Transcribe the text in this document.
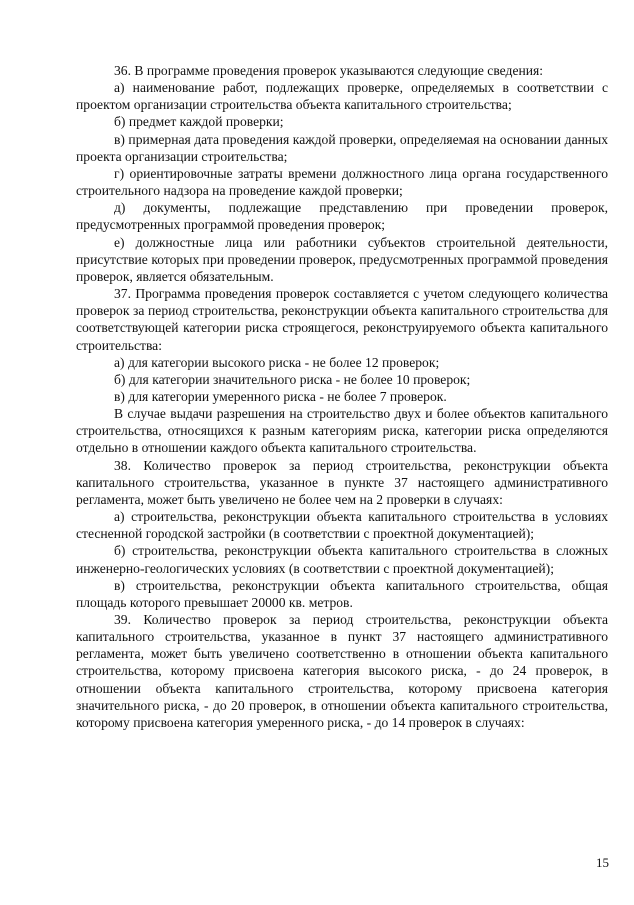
36. В программе проведения проверок указываются следующие сведения:

а) наименование работ, подлежащих проверке, определяемых в соответствии с проектом организации строительства объекта капитального строительства;

б) предмет каждой проверки;

в) примерная дата проведения каждой проверки, определяемая на основании данных проекта организации строительства;

г) ориентировочные затраты времени должностного лица органа государственного строительного надзора на проведение каждой проверки;

д) документы, подлежащие представлению при проведении проверок, предусмотренных программой проведения проверок;

е) должностные лица или работники субъектов строительной деятельности, присутствие которых при проведении проверок, предусмотренных программой проведения проверок, является обязательным.

37. Программа проведения проверок составляется с учетом следующего количества проверок за период строительства, реконструкции объекта капитального строительства для соответствующей категории риска строящегося, реконструируемого объекта капитального строительства:

а) для категории высокого риска - не более 12 проверок;

б) для категории значительного риска - не более 10 проверок;

в) для категории умеренного риска - не более 7 проверок.

В случае выдачи разрешения на строительство двух и более объектов капитального строительства, относящихся к разным категориям риска, категории риска определяются отдельно в отношении каждого объекта капитального строительства.

38. Количество проверок за период строительства, реконструкции объекта капитального строительства, указанное в пункте 37 настоящего административного регламента, может быть увеличено не более чем на 2 проверки в случаях:

а) строительства, реконструкции объекта капитального строительства в условиях стесненной городской застройки (в соответствии с проектной документацией);

б) строительства, реконструкции объекта капитального строительства в сложных инженерно-геологических условиях (в соответствии с проектной документацией);

в) строительства, реконструкции объекта капитального строительства, общая площадь которого превышает 20000 кв. метров.

39. Количество проверок за период строительства, реконструкции объекта капитального строительства, указанное в пункт 37 настоящего административного регламента, может быть увеличено соответственно в отношении объекта капитального строительства, которому присвоена категория высокого риска, - до 24 проверок, в отношении объекта капитального строительства, которому присвоена категория значительного риска, - до 20 проверок, в отношении объекта капитального строительства, которому присвоена категория умеренного риска, - до 14 проверок в случаях:

15
